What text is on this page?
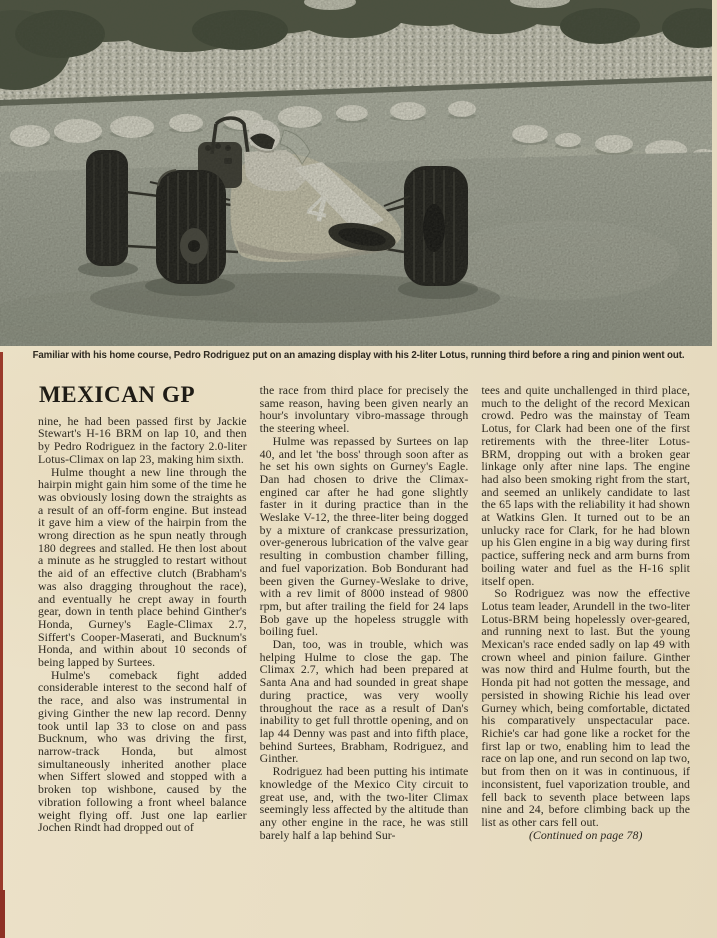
Familiar with his home course, Pedro Rodriguez put on an amazing display with his 2-liter Lotus, running third before a ring and pinion went out.
MEXICAN GP

nine, he had been passed first by Jackie Stewart's H-16 BRM on lap 10, and then by Pedro Rodriguez in the factory 2.0-liter Lotus-Climax on lap 23, making him sixth.

Hulme thought a new line through the hairpin might gain him some of the time he was obviously losing down the straights as a result of an off-form engine. But instead it gave him a view of the hairpin from the wrong direction as he spun neatly through 180 degrees and stalled. He then lost about a minute as he struggled to restart without the aid of an effective clutch (Brabham's was also dragging throughout the race), and eventually he crept away in fourth gear, down in tenth place behind Ginther's Honda, Gurney's Eagle-Climax 2.7, Siffert's Cooper-Maserati, and Bucknum's Honda, and within about 10 seconds of being lapped by Surtees.

Hulme's comeback fight added considerable interest to the second half of the race, and also was instrumental in giving Ginther the new lap record. Denny took until lap 33 to close on and pass Bucknum, who was driving the first, narrow-track Honda, but almost simultaneously inherited another place when Siffert slowed and stopped with a broken top wishbone, caused by the vibration following a front wheel balance weight flying off. Just one lap earlier Jochen Rindt had dropped out of

the race from third place for precisely the same reason, having been given nearly an hour's involuntary vibro-massage through the steering wheel.

Hulme was repassed by Surtees on lap 40, and let 'the boss' through soon after as he set his own sights on Gurney's Eagle. Dan had chosen to drive the Climax-engined car after he had gone slightly faster in it during practice than in the Weslake V-12, the three-liter being dogged by a mixture of crankcase pressurization, over-generous lubrication of the valve gear resulting in combustion chamber filling, and fuel vaporization. Bob Bondurant had been given the Gurney-Weslake to drive, with a rev limit of 8000 instead of 9800 rpm, but after trailing the field for 24 laps Bob gave up the hopeless struggle with boiling fuel.

Dan, too, was in trouble, which was helping Hulme to close the gap. The Climax 2.7, which had been prepared at Santa Ana and had sounded in great shape during practice, was very woolly throughout the race as a result of Dan's inability to get full throttle opening, and on lap 44 Denny was past and into fifth place, behind Surtees, Brabham, Rodriguez, and Ginther.

Rodriguez had been putting his intimate knowledge of the Mexico City circuit to great use, and, with the two-liter Climax seemingly less affected by the altitude than any other engine in the race, he was still barely half a lap behind Sur-

tees and quite unchallenged in third place, much to the delight of the record Mexican crowd. Pedro was the mainstay of Team Lotus, for Clark had been one of the first retirements with the three-liter Lotus-BRM, dropping out with a broken gear linkage only after nine laps. The engine had also been smoking right from the start, and seemed an unlikely candidate to last the 65 laps with the reliability it had shown at Watkins Glen. It turned out to be an unlucky race for Clark, for he had blown up his Glen engine in a big way during first pactice, suffering neck and arm burns from boiling water and fuel as the H-16 split itself open.

So Rodriguez was now the effective Lotus team leader, Arundell in the two-liter Lotus-BRM being hopelessly over-geared, and running next to last. But the young Mexican's race ended sadly on lap 49 with crown wheel and pinion failure. Ginther was now third and Hulme fourth, but the Honda pit had not gotten the message, and persisted in showing Richie his lead over Gurney which, being comfortable, dictated his comparatively unspectacular pace. Richie's car had gone like a rocket for the first lap or two, enabling him to lead the race on lap one, and run second on lap two, but from then on it was in continuous, if inconsistent, fuel vaporization trouble, and fell back to seventh place between laps nine and 24, before climbing back up the list as other cars fell out.

(Continued on page 78)
